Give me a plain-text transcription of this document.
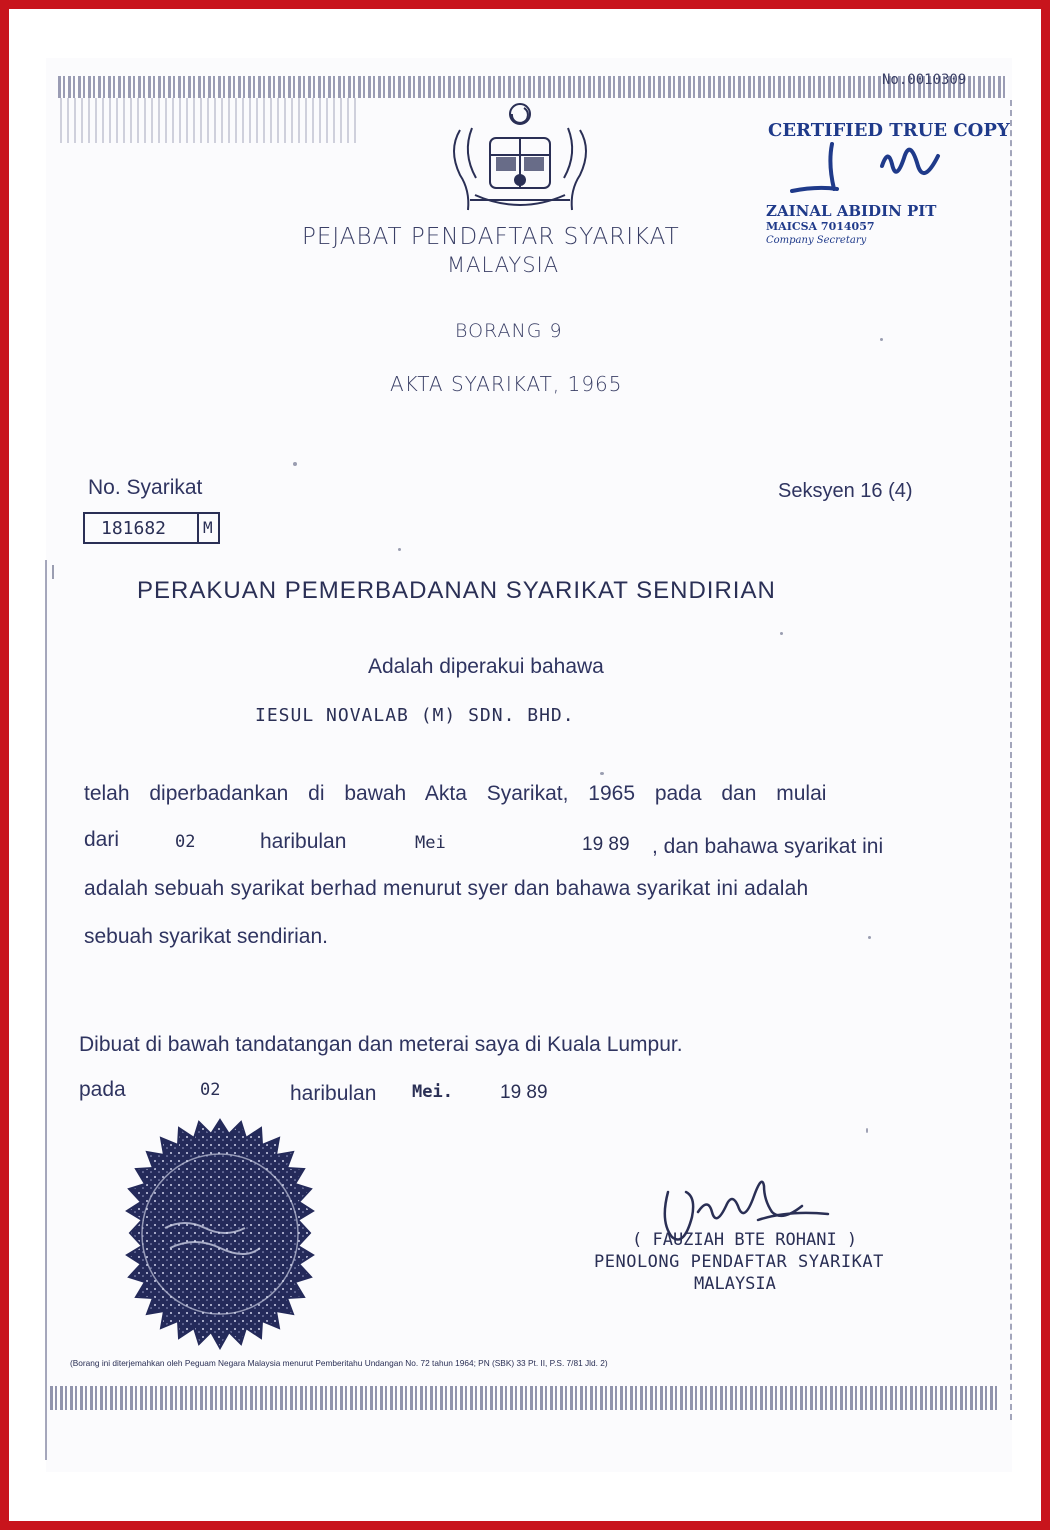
No.0010309
PEJABAT PENDAFTAR SYARIKAT
MALAYSIA
BORANG 9
AKTA SYARIKAT, 1965
CERTIFIED TRUE COPY
ZAINAL ABIDIN PIT
MAICSA 7014057
Company Secretary
No. Syarikat
181682 M
Seksyen 16 (4)
PERAKUAN PEMERBADANAN SYARIKAT SENDIRIAN
Adalah diperakui bahawa
IESUL NOVALAB (M) SDN. BHD.
telah diperbadankan di bawah Akta Syarikat, 1965 pada dan mulai
dari	02	haribulan	Mei	19 89 , dan bahawa syarikat ini
adalah sebuah syarikat berhad menurut syer dan bahawa syarikat ini adalah
sebuah syarikat sendirian.
Dibuat di bawah tandatangan dan meterai saya di Kuala Lumpur.
pada	02	haribulan Mei. 19 89
( FAUZIAH BTE ROHANI )
PENOLONG PENDAFTAR SYARIKAT
MALAYSIA
(Borang ini diterjemahkan oleh Peguam Negara Malaysia menurut Pemberitahu Undangan No. 72 tahun 1964; PN (SBK) 33 Pt. II, P.S. 7/81 Jld. 2)
